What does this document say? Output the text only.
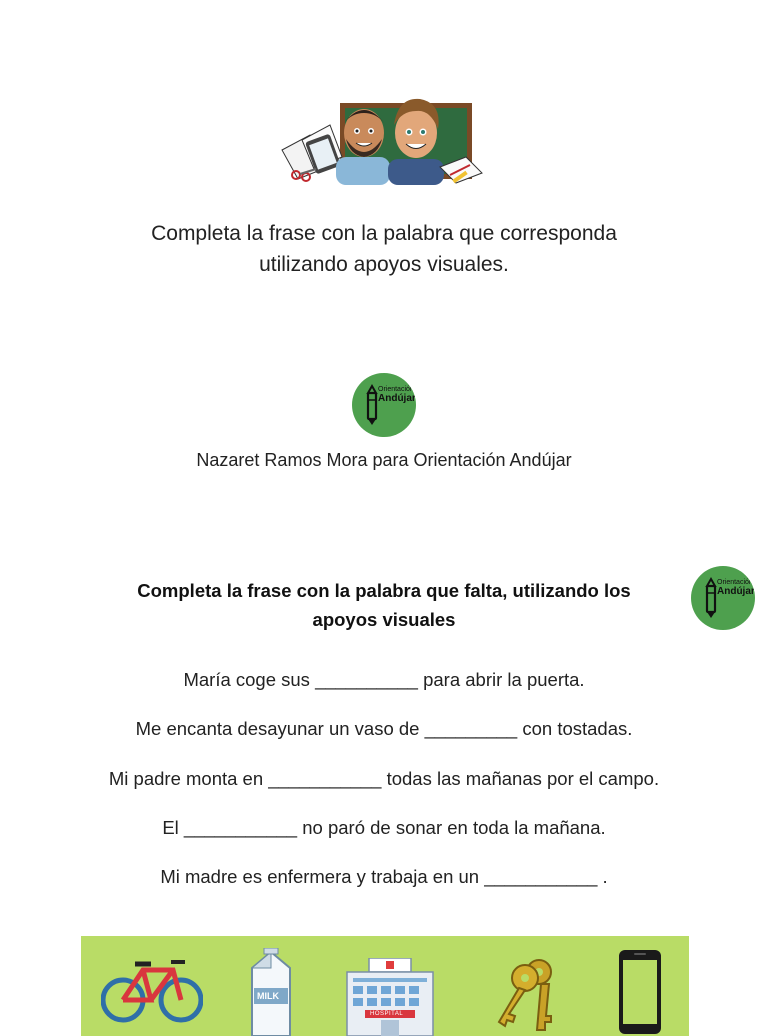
Completa la frase con la palabra que corresponda
utilizando apoyos visuales.
Orientación
Andújar
Nazaret Ramos Mora para Orientación Andújar
Completa la frase con la palabra que falta, utilizando los
apoyos visuales
Orientación
Andújar
María coge sus __________ para abrir la puerta.
Me encanta desayunar un vaso de _________ con tostadas.
Mi padre monta en ___________ todas las mañanas por el campo.
El ___________ no paró de sonar en toda la mañana.
Mi madre es enfermera y trabaja en un ___________ .
MILK
HOSPITAL
